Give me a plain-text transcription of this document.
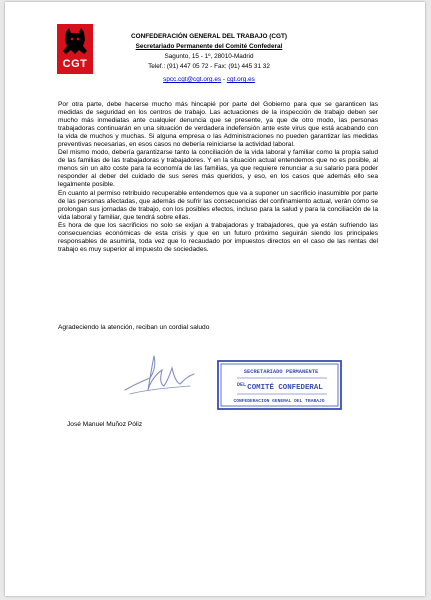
CGT
CONFEDERACIÓN GENERAL DEL TRABAJO (CGT)
Secretariado Permanente del Comité Confederal
Sagunto, 15 - 1º, 28010-Madrid
Telef.: (91) 447 05 72 - Fax: (91) 445 31 32
spcc.cgt@cgt.org.es - cgt.org.es

Por otra parte, debe hacerse mucho más hincapié por parte del Gobierno para que se garanticen las medidas de seguridad en los centros de trabajo. Las actuaciones de la inspección de trabajo deben ser mucho más inmediatas ante cualquier denuncia que se presente, ya que de otro modo, las personas trabajadoras continuarán en una situación de verdadera indefensión ante este virus que está acabando con la vida de muchos y muchas. Si alguna empresa o las Administraciones no pueden garantizar las medidas preventivas necesarias, en esos casos no debería reiniciarse la actividad laboral.

Del mismo modo, debería garantizarse tanto la conciliación de la vida laboral y familiar como la propia salud de las familias de las trabajadoras y trabajadores. Y en la situación actual entendemos que no es posible, al menos sin un alto coste para la economía de las familias, ya que requiere renunciar a su salario para poder responder al deber del cuidado de sus seres más queridos, y eso, en los casos que además ello sea legalmente posible.

En cuanto al permiso retribuido recuperable entendemos que va a suponer un sacrificio inasumible por parte de las personas afectadas, que además de sufrir las consecuencias del confinamiento actual, verán cómo se prolongan sus jornadas de trabajo, con los posibles efectos, incluso para la salud y para la conciliación de la vida laboral y familiar, que tendrá sobre ellas.

Es hora de que los sacrificios no solo se exijan a trabajadoras y trabajadores, que ya están sufriendo las consecuencias económicas de esta crisis y que en un futuro próximo seguirán siendo los principales responsables de asumirla, toda vez que lo recaudado por impuestos directos en el caso de las rentas del trabajo es muy superior al impuesto de sociedades.

Agradeciendo la atención, reciban un cordial saludo
SECRETARIADO PERMANENTE
DEL COMITÉ CONFEDERAL
CONFEDERACION GENERAL DEL TRABAJO
José Manuel Muñoz Póliz
